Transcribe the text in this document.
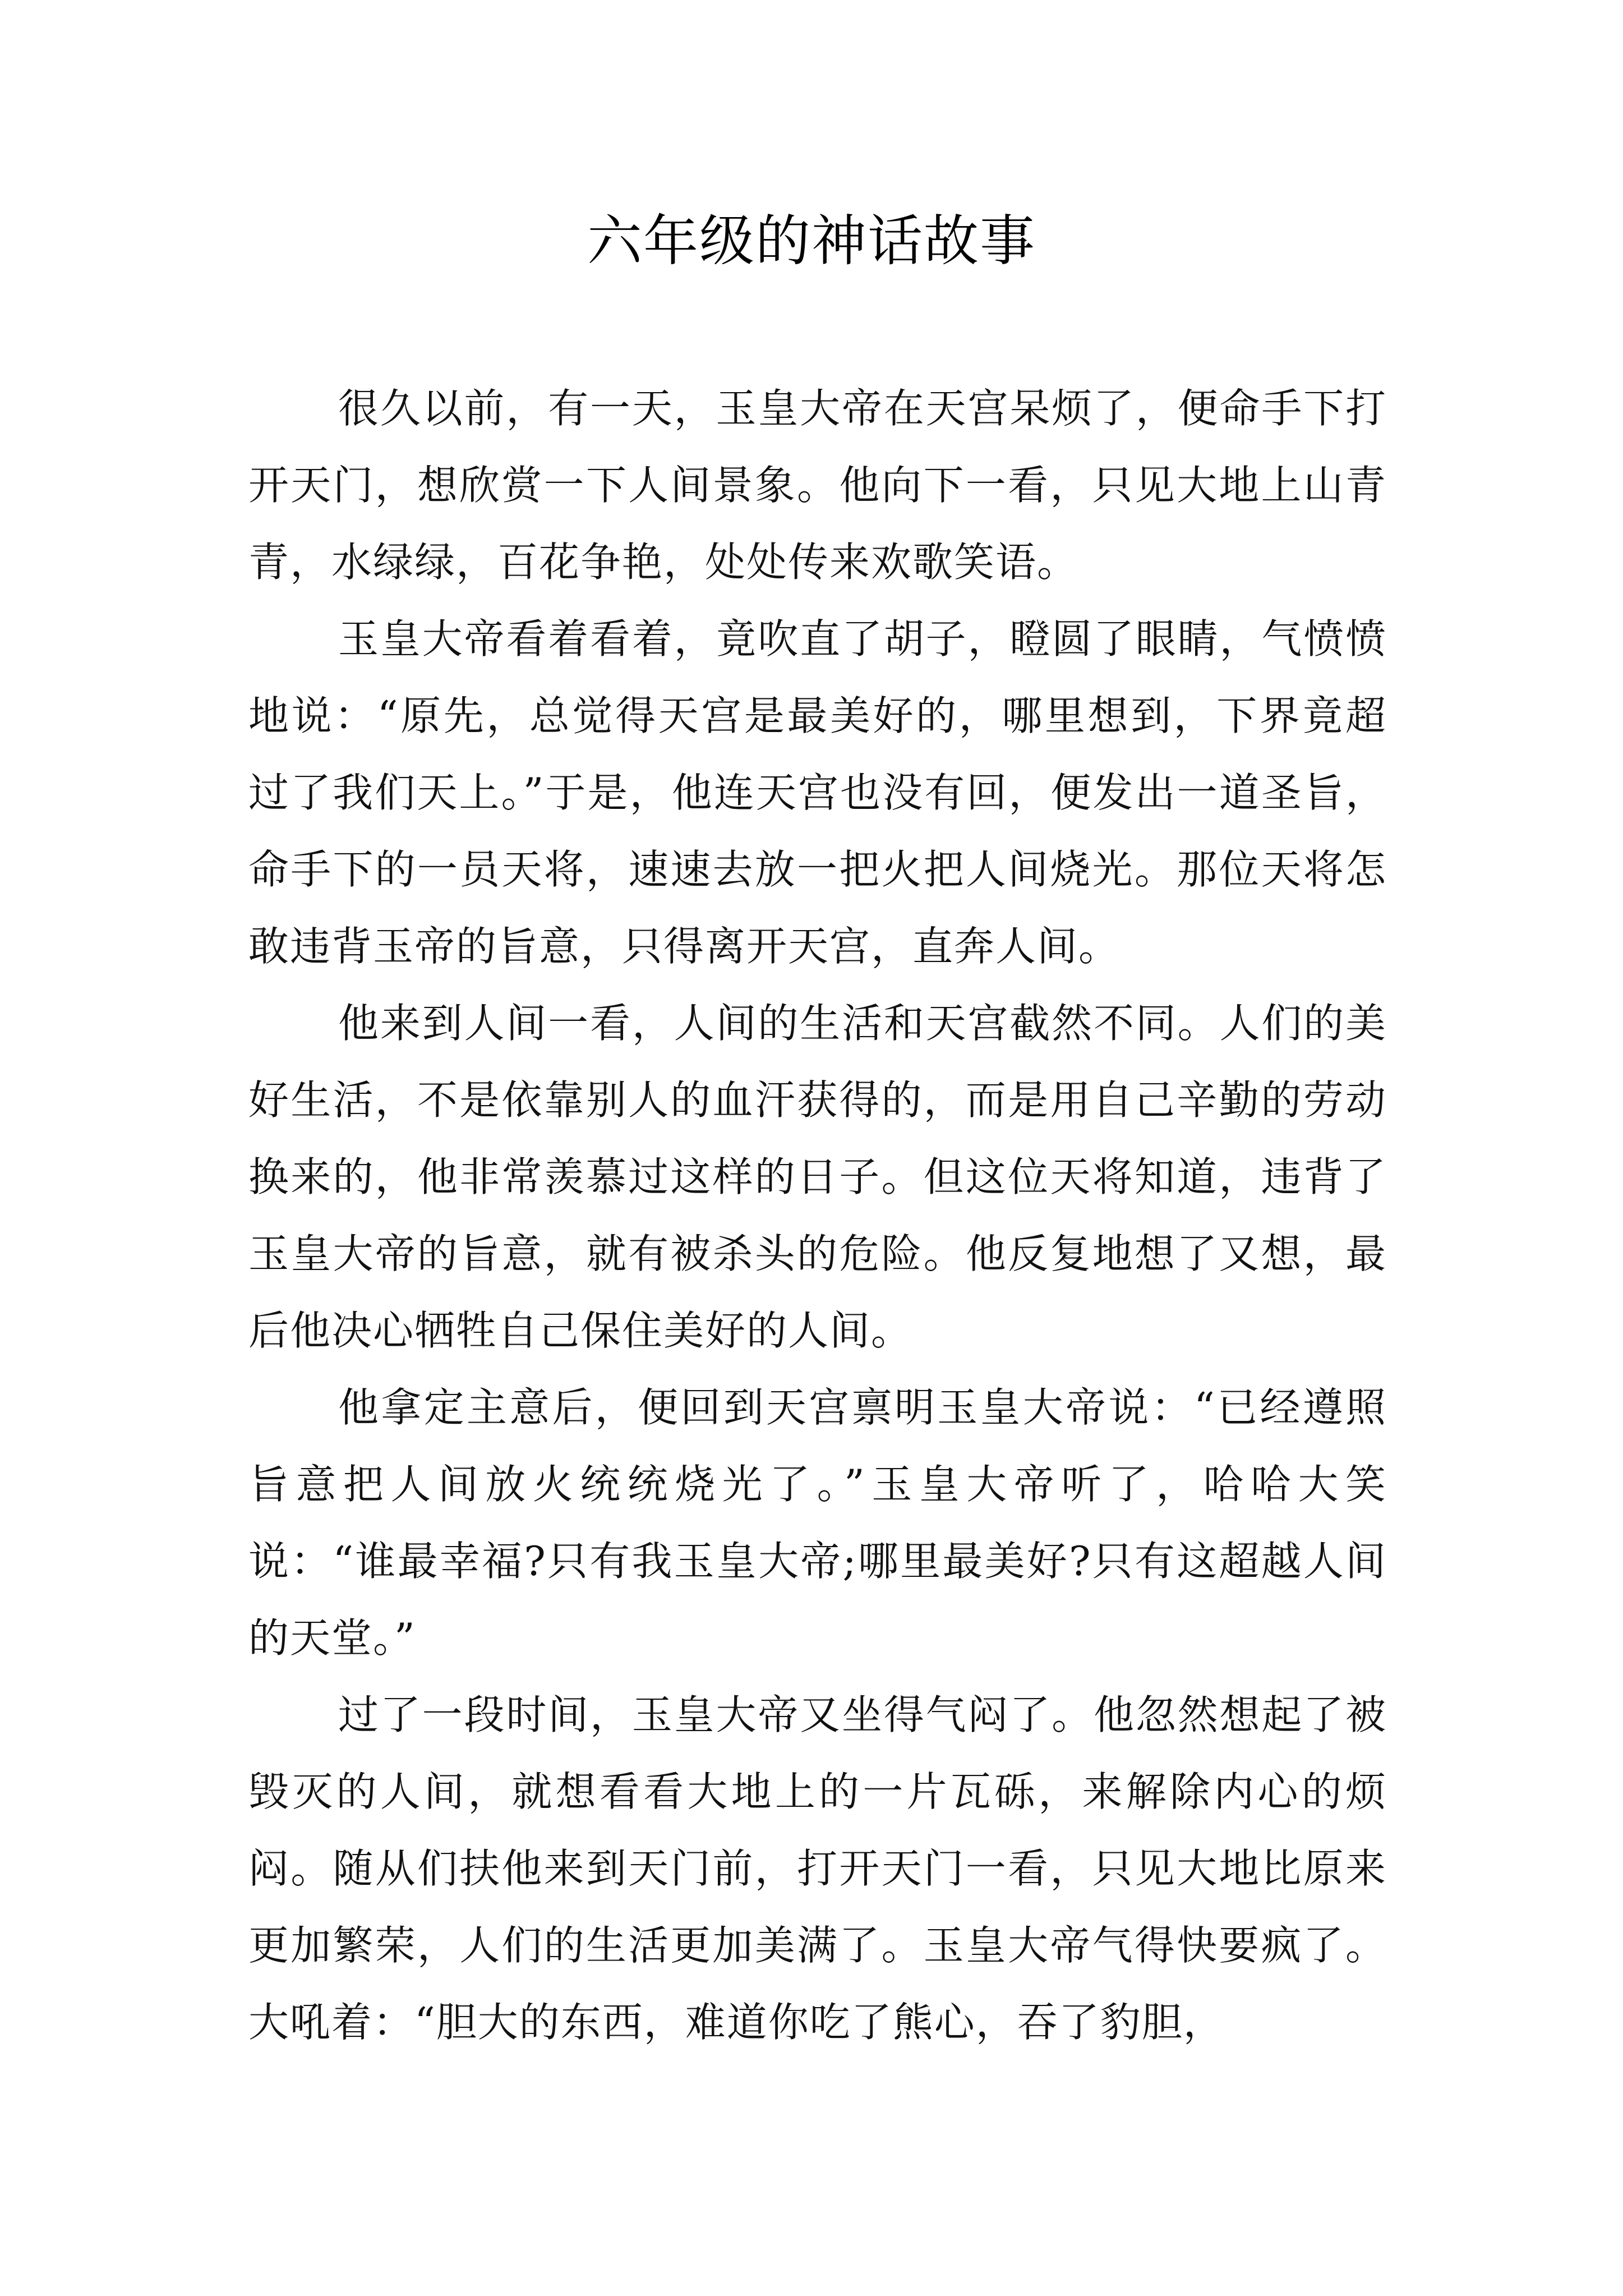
六年级的神话故事

很久以前，有一天，玉皇大帝在天宫呆烦了，便命手下打开天门，想欣赏一下人间景象。他向下一看，只见大地上山青青，水绿绿，百花争艳，处处传来欢歌笑语。

玉皇大帝看着看着，竟吹直了胡子，瞪圆了眼睛，气愤愤地说：“原先，总觉得天宫是最美好的，哪里想到，下界竟超过了我们天上。”于是，他连天宫也没有回，便发出一道圣旨，命手下的一员天将，速速去放一把火把人间烧光。那位天将怎敢违背玉帝的旨意，只得离开天宫，直奔人间。

他来到人间一看，人间的生活和天宫截然不同。人们的美好生活，不是依靠别人的血汗获得的，而是用自己辛勤的劳动换来的，他非常羡慕过这样的日子。但这位天将知道，违背了玉皇大帝的旨意，就有被杀头的危险。他反复地想了又想，最后他决心牺牲自己保住美好的人间。

他拿定主意后，便回到天宫禀明玉皇大帝说：“已经遵照旨意把人间放火统统烧光了。”玉皇大帝听了，哈哈大笑说：“谁最幸福?只有我玉皇大帝;哪里最美好?只有这超越人间的天堂。”

过了一段时间，玉皇大帝又坐得气闷了。他忽然想起了被毁灭的人间，就想看看大地上的一片瓦砾，来解除内心的烦闷。随从们扶他来到天门前，打开天门一看，只见大地比原来更加繁荣，人们的生活更加美满了。玉皇大帝气得快要疯了。大吼着：“胆大的东西，难道你吃了熊心，吞了豹胆，
